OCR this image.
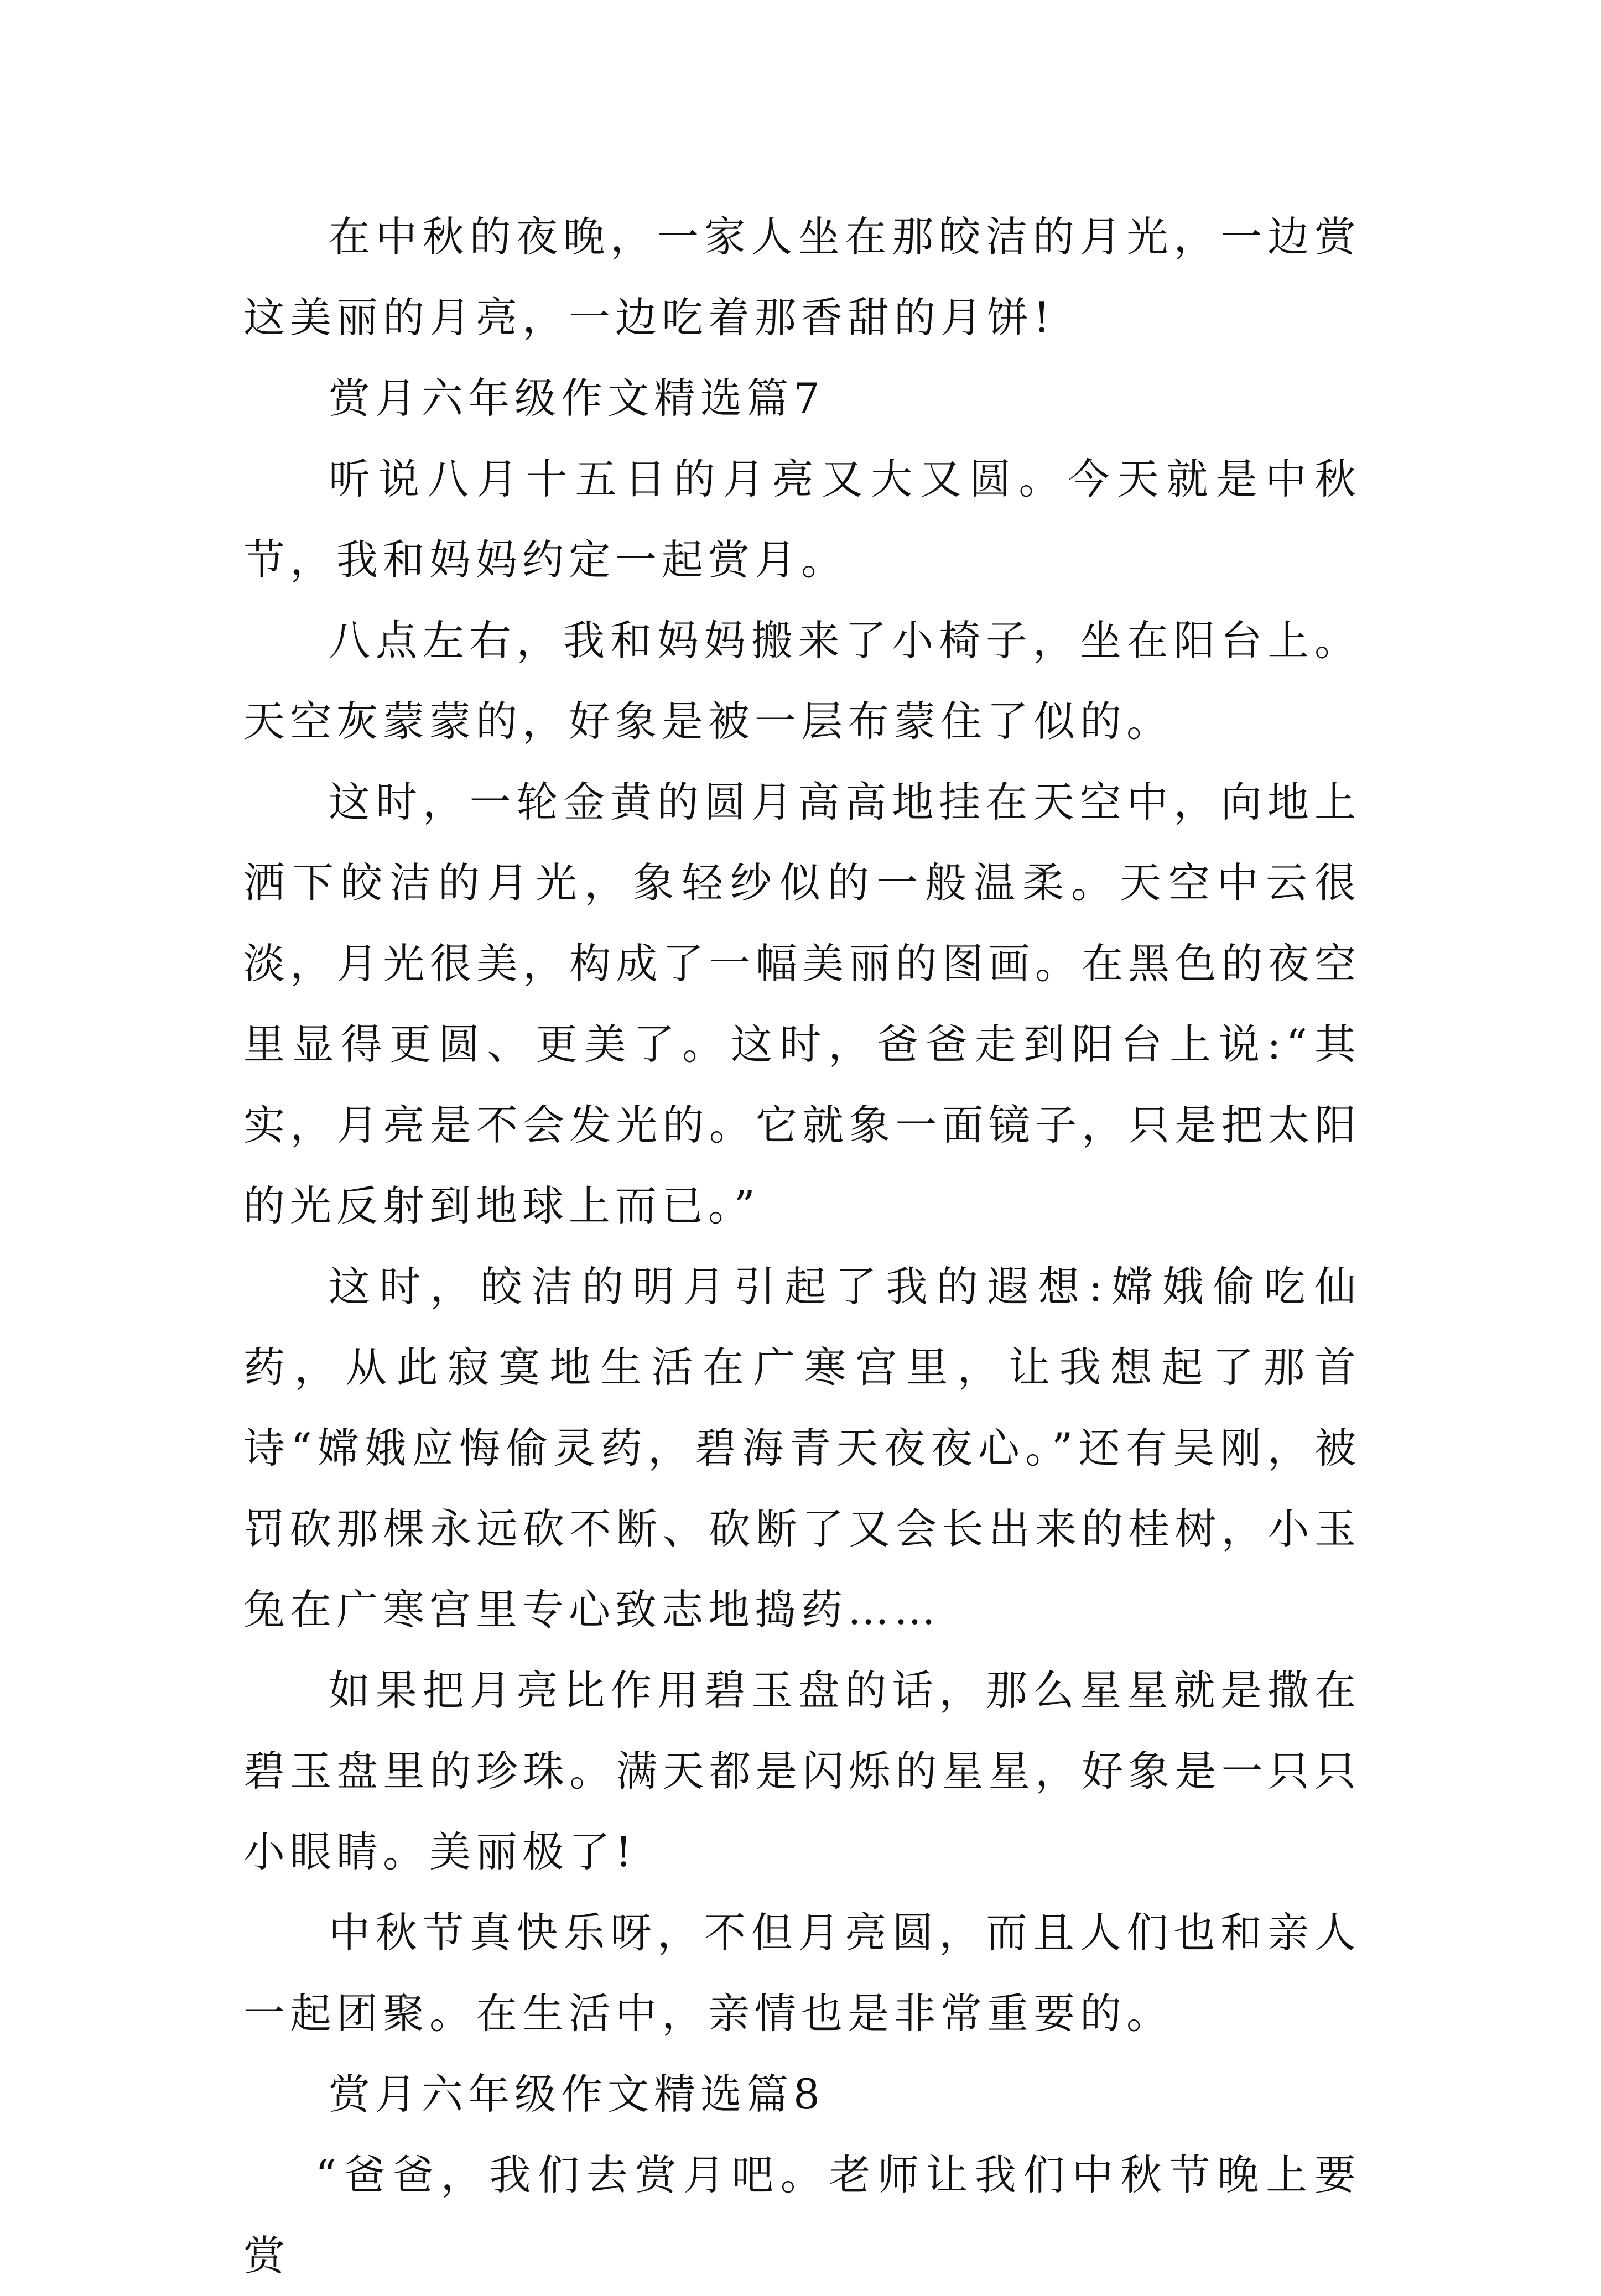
在中秋的夜晚，一家人坐在那皎洁的月光，一边赏这美丽的月亮，一边吃着那香甜的月饼!

赏月六年级作文精选篇7

听说八月十五日的月亮又大又圆。今天就是中秋节，我和妈妈约定一起赏月。

八点左右，我和妈妈搬来了小椅子，坐在阳台上。天空灰蒙蒙的，好象是被一层布蒙住了似的。

这时，一轮金黄的圆月高高地挂在天空中，向地上洒下皎洁的月光，象轻纱似的一般温柔。天空中云很淡，月光很美，构成了一幅美丽的图画。在黑色的夜空里显得更圆、更美了。这时，爸爸走到阳台上说:“其实，月亮是不会发光的。它就象一面镜子，只是把太阳的光反射到地球上而已。”

这时，皎洁的明月引起了我的遐想:嫦娥偷吃仙药，从此寂寞地生活在广寒宫里，让我想起了那首诗“嫦娥应悔偷灵药，碧海青天夜夜心。”还有吴刚，被罚砍那棵永远砍不断、砍断了又会长出来的桂树，小玉兔在广寒宫里专心致志地捣药……

如果把月亮比作用碧玉盘的话，那么星星就是撒在碧玉盘里的珍珠。满天都是闪烁的星星，好象是一只只小眼睛。美丽极了!

中秋节真快乐呀，不但月亮圆，而且人们也和亲人一起团聚。在生活中，亲情也是非常重要的。

赏月六年级作文精选篇8

“爸爸，我们去赏月吧。老师让我们中秋节晚上要赏
